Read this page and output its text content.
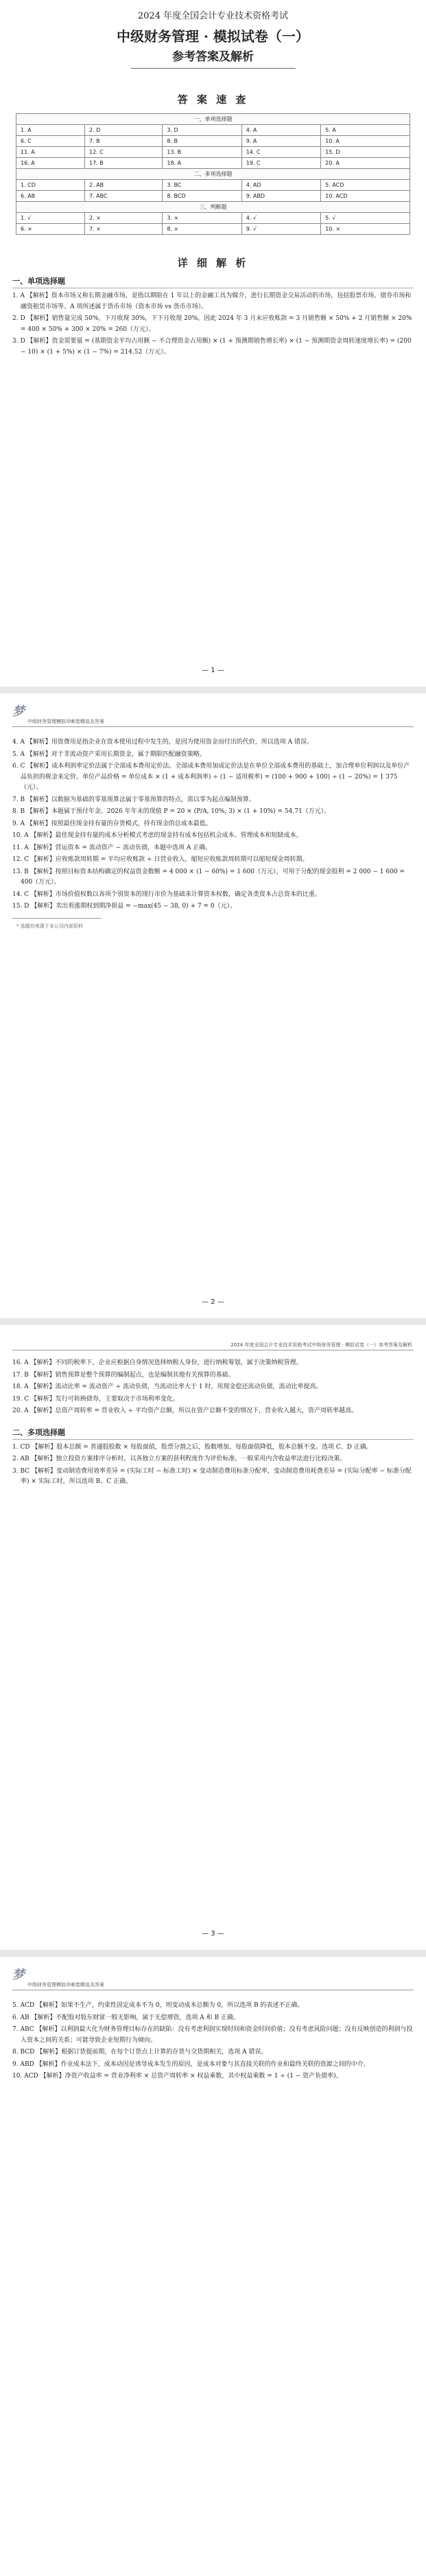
2024 年度全国会计专业技术资格考试
中级财务管理 · 模拟试卷（一）
参考答案及解析
答 案 速 查
一、单项选择题				
1. A	2. D	3. D	4. A	5. A
6. C	7. B	8. B	9. A	10. A
11. A	12. C	13. B	14. C	15. D
16. A	17. B	18. A	19. C	20. A
二、多项选择题				
1. CD	2. AB	3. BC	4. AD	5. ACD
6. AB	7. ABC	8. BCD	9. ABD	10. ACD
三、判断题				
1. √	2. ×	3. ×	4. √	5. √
6. ×	7. ×	8. ×	9. √	10. ×
详 细 解 析
一、单项选择题
1. A 【解析】资本市场又称长期金融市场，是指以期限在 1 年以上的金融工具为媒介，进行长期资金交易活动的市场，包括股票市场、债券市场和融资租赁市场等。A 项所述属于货币市场（资本市场 vs 货币市场）。
2. D 【解析】销售量完成 50%，下月收现 30%，下下月收现 20%。因此 2024 年 3 月末应收账款 = 3 月销售额 × 50% + 2 月销售额 × 20% = 400 × 50% + 300 × 20% = 260（万元）。
3. D 【解析】资金需要量 = (基期资金平均占用额 − 不合理资金占用额) × (1 + 预测期销售增长率) × (1 − 预测期资金周转速度增长率) = (200 − 10) × (1 + 5%) × (1 − 7%) = 214.52（万元）。
— 1 —
梦
中级财务管理模拟冲刺卷精选及答案
4. A 【解析】用资费用是指企业在资本使用过程中发生的，是因为使用资金而付出的代价，所以选项 A 错误。
5. A 【解析】对于非流动资产采用长期资金，属于期限匹配融资策略。
6. C 【解析】成本利润率定价法属于全部成本费用定价法。全部成本费用加成定价法是在单位全部成本费用的基础上，加合理单位利润以及单位产品负担的税金来定价。单位产品价格 = 单位成本 × (1 + 成本利润率) ÷ (1 − 适用税率) = (100 + 900 + 100) ÷ (1 − 20%) = 1 375（元）。
7. B 【解析】以数据为基础的零基预算法属于零基预算的特点，需以零为起点编制预算。
8. B 【解析】本题属于预付年金。2026 年年末的现值 P = 20 × (P/A, 10%, 3) × (1 + 10%) = 54.71（万元）。
9. A 【解析】按照最佳现金持有量的存货模式，持有现金的总成本最低。
10. A 【解析】最佳现金持有量的成本分析模式考虑的现金持有成本包括机会成本、管理成本和短缺成本。
11. A 【解析】营运资本 = 流动资产 − 流动负债，本题中选项 A 正确。
12. C 【解析】应收账款周转期 = 平均应收账款 ÷ 日营业收入，缩短应收账款周转期可以缩短现金周转期。
13. B 【解析】按照目标资本结构确定的权益资金数额 = 4 000 × (1 − 60%) = 1 600（万元），可用于分配的现金股利 = 2 000 − 1 600 = 400（万元）。
14. C 【解析】市场价值权数以各项个别资本的现行市价为基础来计算资本权数，确定各类资本占总资本的比重。
15. D 【解析】卖出看涨期权到期净损益 = −max(45 − 38, 0) + 7 = 0（元）。
* 选题均来源于本公司内部资料
— 2 —
2024 年度全国会计专业技术资格考试中级财务管理 · 模拟试卷（一）参考答案及解析
16. A 【解析】不同的税率下，企业应根据自身情况选择纳税人身份，进行纳税筹划，属于决策纳税管理。
17. B 【解析】销售预算是整个预算的编制起点，也是编制其他有关预算的基础。
18. A 【解析】流动比率 = 流动资产 ÷ 流动负债，当流动比率大于 1 时，用现金偿还流动负债，流动比率提高。
19. C 【解析】发行可转换债券，主要取决于市场利率变化。
20. A 【解析】总资产周转率 = 营业收入 ÷ 平均资产总额，所以在资产总额不变的情况下，营业收入越大，资产周转率越高。
二、多项选择题
1. CD 【解析】股本总额 = 普通股股数 × 每股面值，股票分割之后，股数增加，每股面值降低，股本总额不变。选项 C、D 正确。
2. AB 【解析】独立投资方案排序分析时，以各独立方案的获利程度作为评价标准，一般采用内含收益率法进行比较决策。
3. BC 【解析】变动制造费用效率差异 = (实际工时 − 标准工时) × 变动制造费用标准分配率，变动制造费用耗费差异 = (实际分配率 − 标准分配率) × 实际工时，所以选项 B、C 正确。
— 3 —
梦
中级财务管理模拟冲刺卷精选及答案
5. ACD 【解析】如果不生产，约束性固定成本不为 0，则变动成本总额为 0，所以选项 B 的表述不正确。
6. AB 【解析】不配股对股东财富一般无影响，属于无偿增资，选项 A 和 B 正确。
7. ABC 【解析】以利润最大化为财务管理目标存在的缺陷：没有考虑利润实现时间和资金时间价值；没有考虑风险问题；没有反映创造的利润与投入资本之间的关系；可能导致企业短期行为倾向。
8. BCD 【解析】根据订货提前期，在每个订货点上计算的存货与交货期相关，选项 A 错误。
9. ABD 【解析】作业成本法下，成本动因是诱导成本发生的原因，是成本对象与其直接关联的作业和最终关联的资源之间的中介。
10. ACD 【解析】净资产收益率 = 营业净利率 × 总资产周转率 × 权益乘数，其中权益乘数 = 1 ÷ (1 − 资产负债率)。
